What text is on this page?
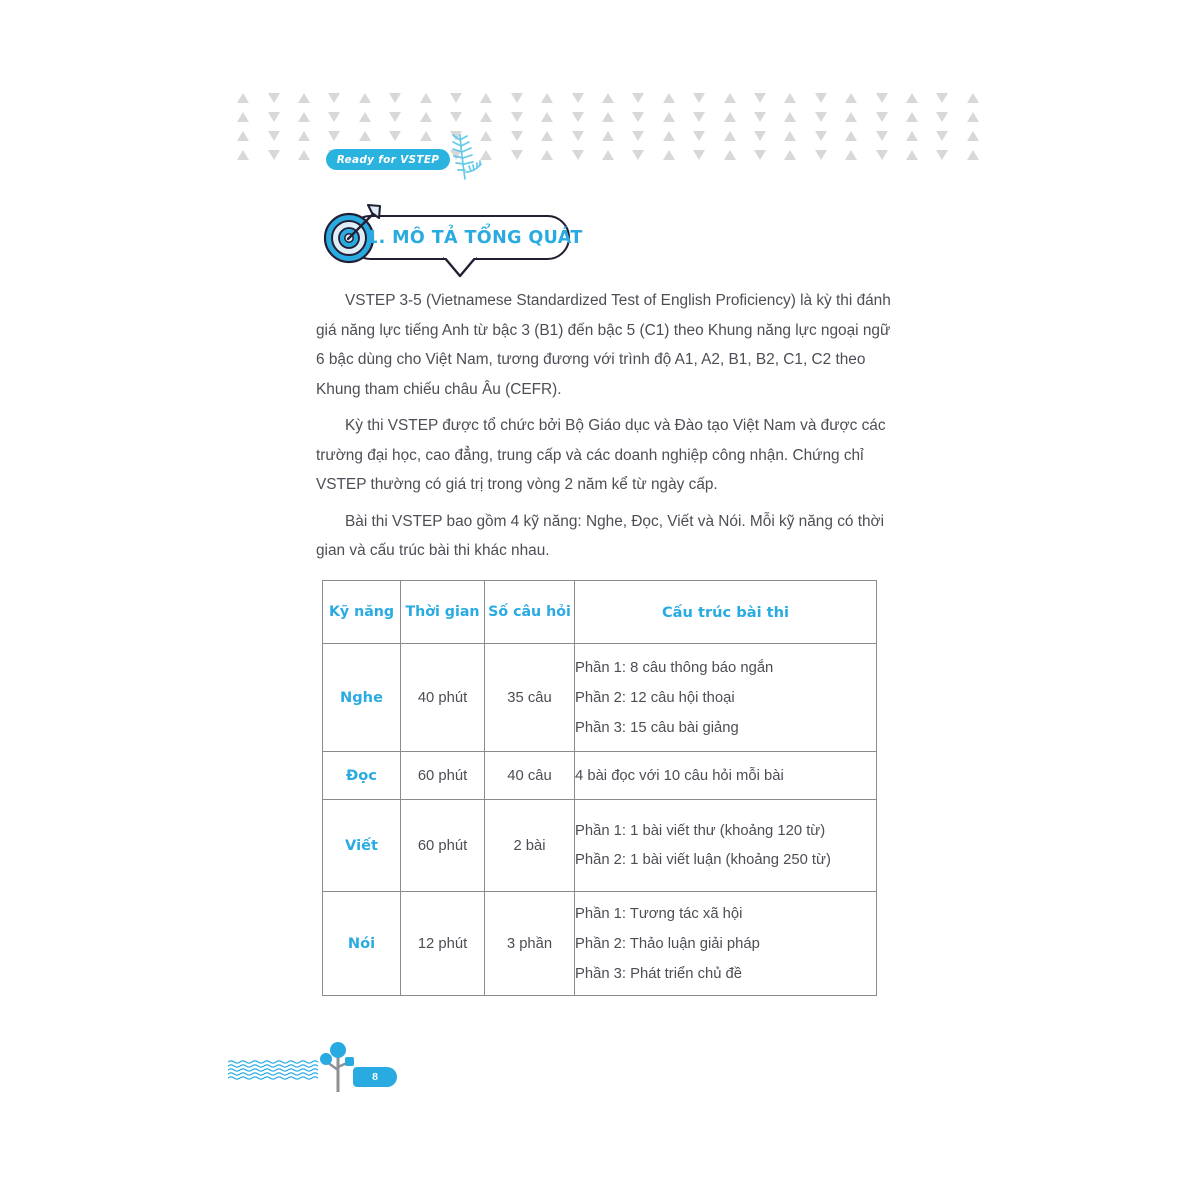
Ready for VSTEP
1. MÔ TẢ TỔNG QUÁT

VSTEP 3-5 (Vietnamese Standardized Test of English Proficiency) là kỳ thi đánh giá năng lực tiếng Anh từ bậc 3 (B1) đến bậc 5 (C1) theo Khung năng lực ngoại ngữ 6 bậc dùng cho Việt Nam, tương đương với trình độ A1, A2, B1, B2, C1, C2 theo Khung tham chiếu châu Âu (CEFR).

Kỳ thi VSTEP được tổ chức bởi Bộ Giáo dục và Đào tạo Việt Nam và được các trường đại học, cao đẳng, trung cấp và các doanh nghiệp công nhận. Chứng chỉ VSTEP thường có giá trị trong vòng 2 năm kể từ ngày cấp.

Bài thi VSTEP bao gồm 4 kỹ năng: Nghe, Đọc, Viết và Nói. Mỗi kỹ năng có thời gian và cấu trúc bài thi khác nhau.

Kỹ năng	Thời gian	Số câu hỏi	Cấu trúc bài thi
Nghe	40 phút	35 câu	Phần 1: 8 câu thông báo ngắn
Phần 2: 12 câu hội thoại
Phần 3: 15 câu bài giảng

Đọc	60 phút	40 câu	4 bài đọc với 10 câu hỏi mỗi bài

Viết	60 phút	2 bài	Phần 1: 1 bài viết thư (khoảng 120 từ)
Phần 2: 1 bài viết luận (khoảng 250 từ)
Nói	12 phút	3 phần	Phần 1: Tương tác xã hội
Phần 2: Thảo luận giải pháp
Phần 3: Phát triển chủ đề
8
